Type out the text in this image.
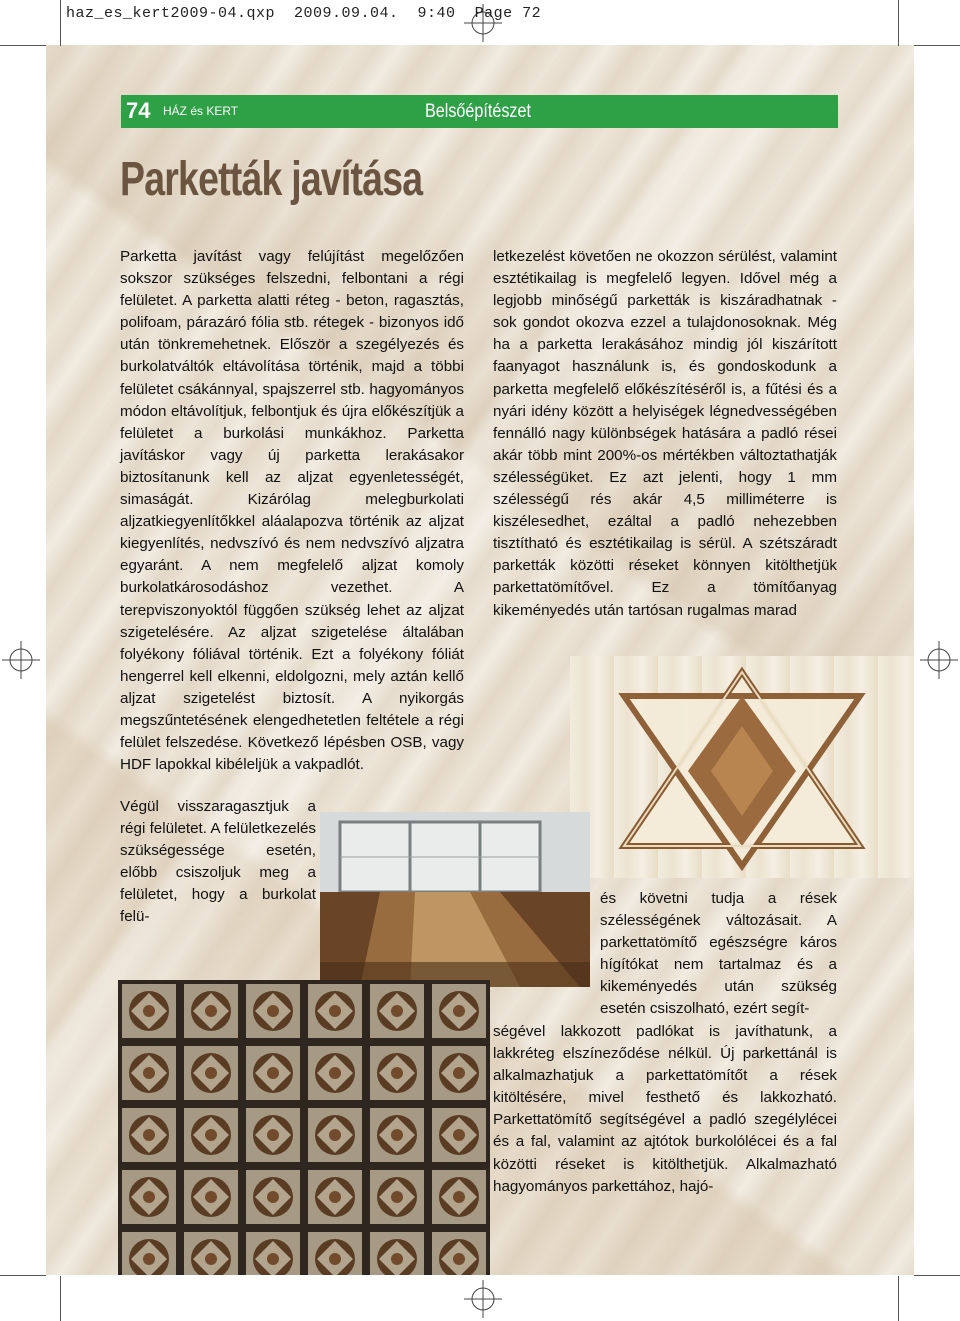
haz_es_kert2009-04.qxp  2009.09.04.  9:40  Page 72
74 HÁZ és KERT	Belsőépítészet
Parketták javítása
Parketta javítást vagy felújítást megelőzően sokszor szükséges felszedni, felbontani a régi felületet. A parketta alatti réteg - beton, ragasztás, polifoam, párazáró fólia stb. rétegek - bizonyos idő után tönkremehetnek. Először a szegélyezés és burkolatváltók eltávolítása történik, majd a többi felületet csákánnyal, spajszerrel stb. hagyományos módon eltávolítjuk, felbontjuk és újra előkészítjük a felületet a burkolási munkákhoz. Parketta javításkor vagy új parketta lerakásakor biztosítanunk kell az aljzat egyenletességét, simaságát. Kizárólag melegburkolati aljzatkiegyenlítőkkel aláalapozva történik az aljzat kiegyenlítés, nedvszívó és nem nedvszívó aljzatra egyaránt. A nem megfelelő aljzat komoly burkolatkárosodáshoz vezethet. A terepviszonyoktól függően szükség lehet az aljzat szigetelésére. Az aljzat szigetelése általában folyékony fóliával történik. Ezt a folyékony fóliát hengerrel kell elkenni, eldolgozni, mely aztán kellő aljzat szigetelést biztosít. A nyikorgás megszűntetésének elengedhetetlen feltétele a régi felület felszedése. Következő lépésben OSB, vagy HDF lapokkal kibéleljük a vakpadlót.
Végül visszaragasztjuk a régi felületet. A felületkezelés szükségessége esetén, előbb csiszoljuk meg a felületet, hogy a burkolat felü-
letkezelést követően ne okozzon sérülést, valamint esztétikailag is megfelelő legyen. Idővel még a legjobb minőségű parketták is kiszáradhatnak - sok gondot okozva ezzel a tulajdonosoknak. Még ha a parketta lerakásához mindig jól kiszárított faanyagot használunk is, és gondoskodunk a parketta megfelelő előkészítéséről is, a fűtési és a nyári idény között a helyiségek légnedvességében fennálló nagy különbségek hatására a padló rései akár több mint 200%-os mértékben változtathatják szélességüket. Ez azt jelenti, hogy 1 mm szélességű rés akár 4,5 milliméterre is kiszélesedhet, ezáltal a padló nehezebben tisztítható és esztétikailag is sérül. A szétszáradt parketták közötti réseket könnyen kitölthetjük parkettatömítővel. Ez a tömítőanyag kikeményedés után tartósan rugalmas marad
és követni tudja a rések szélességének változásait. A parkettatömítő egészségre káros hígítókat nem tartalmaz és a kikeményedés után szükség esetén csiszolható, ezért segít-
ségével lakkozott padlókat is javíthatunk, a lakkréteg elszíneződése nélkül. Új parkettánál is alkalmazhatjuk a parkettatömítőt a rések kitöltésére, mivel festhető és lakkozható. Parkettatömítő segítségével a padló szegélylécei és a fal, valamint az ajtótok burkolólécei és a fal közötti réseket is kitölthetjük. Alkalmazható hagyományos parkettához, hajó-
